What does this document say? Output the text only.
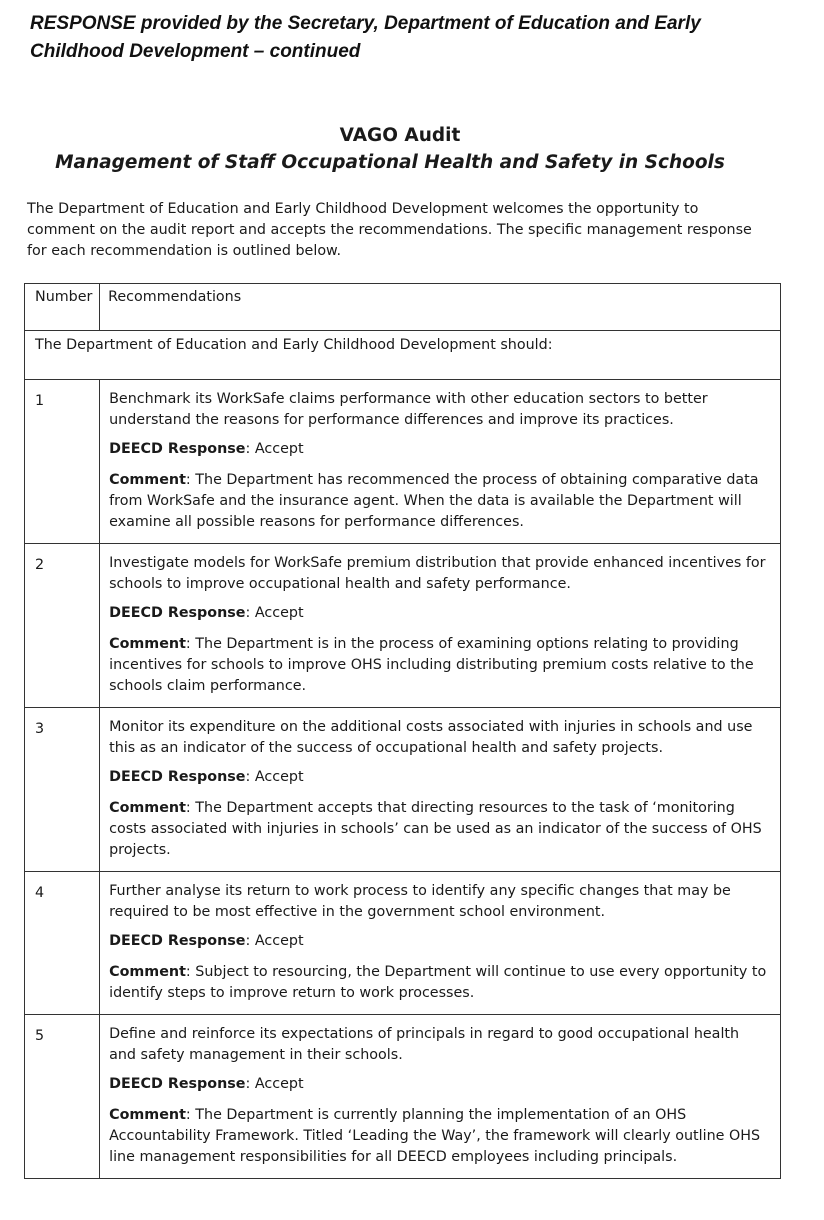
RESPONSE provided by the Secretary, Department of Education and Early
Childhood Development – continued
VAGO Audit
Management of Staff Occupational Health and Safety in Schools
The Department of Education and Early Childhood Development welcomes the opportunity to comment on the audit report and accepts the recommendations. The specific management response for each recommendation is outlined below.
Number	Recommendations
The Department of Education and Early Childhood Development should:	
1	Benchmark its WorkSafe claims performance with other education sectors to better understand the reasons for performance differences and improve its practices.

DEECD Response: Accept

Comment: The Department has recommenced the process of obtaining comparative data from WorkSafe and the insurance agent. When the data is available the Department will examine all possible reasons for performance differences.

2	Investigate models for WorkSafe premium distribution that provide enhanced incentives for schools to improve occupational health and safety performance.

DEECD Response: Accept

Comment: The Department is in the process of examining options relating to providing incentives for schools to improve OHS including distributing premium costs relative to the schools claim performance.

3	Monitor its expenditure on the additional costs associated with injuries in schools and use this as an indicator of the success of occupational health and safety projects.

DEECD Response: Accept

Comment: The Department accepts that directing resources to the task of ‘monitoring costs associated with injuries in schools’ can be used as an indicator of the success of OHS projects.

4	Further analyse its return to work process to identify any specific changes that may be required to be most effective in the government school environment.

DEECD Response: Accept

Comment: Subject to resourcing, the Department will continue to use every opportunity to identify steps to improve return to work processes.

5	Define and reinforce its expectations of principals in regard to good occupational health and safety management in their schools.

DEECD Response: Accept

Comment: The Department is currently planning the implementation of an OHS Accountability Framework. Titled ‘Leading the Way’, the framework will clearly outline OHS line management responsibilities for all DEECD employees including principals.
